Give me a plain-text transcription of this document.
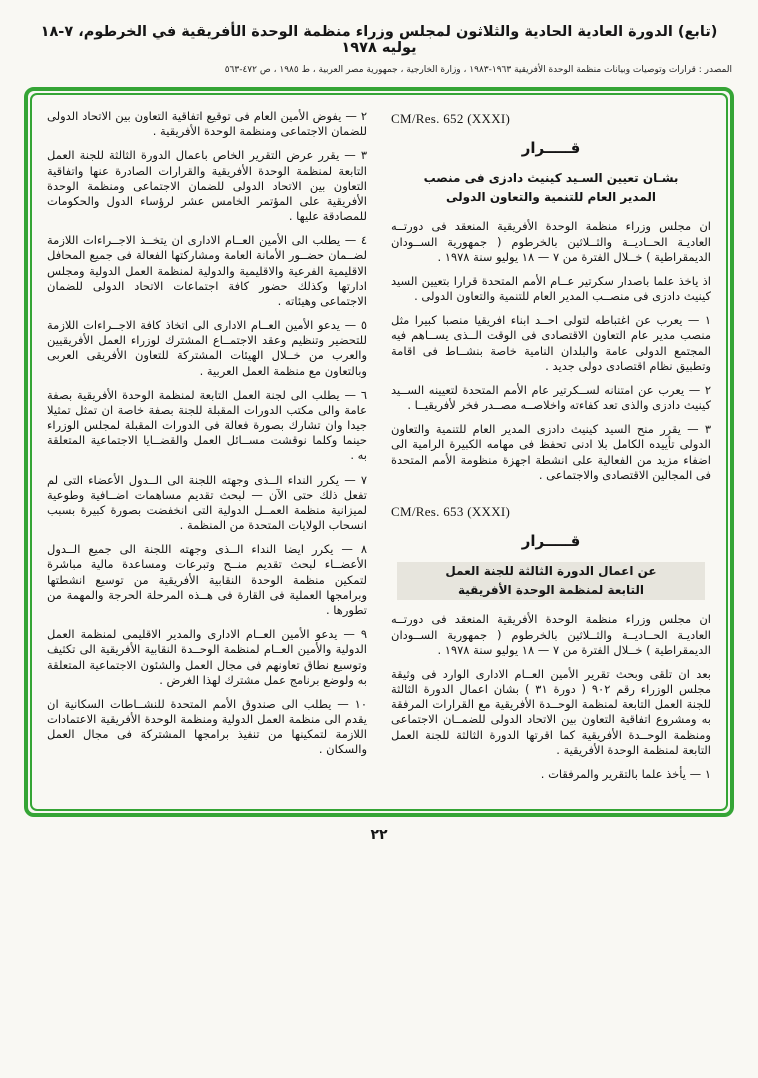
(تابع) الدورة العادية الحادية والثلاثون لمجلس وزراء منظمة الوحدة الأفريقية في الخرطوم، ٧-١٨ يوليه ١٩٧٨
المصدر : قرارات وتوصيات وبيانات منظمة الوحدة الأفريقية ١٩٦٣-١٩٨٣ ، وزارة الخارجية ، جمهورية مصر العربية ، ط ١٩٨٥ ، ص ٤٧٢-٥٦٣
CM/Res. 652 (XXXI)
قـــــرار
بشـان تعيين السـيد كينيث دادزى فى منصب
المدير العام للتنمية والتعاون الدولى

ان مجلس وزراء منظمة الوحدة الأفريقية المنعقد فى دورتــه العاديـة الحــاديــة والثــلاثين بالخرطوم ( جمهورية الســودان الديمقراطية ) خــلال الفترة من ٧ — ١٨ يوليو سنة ١٩٧٨ .

اذ ياخذ علما باصدار سكرتير عــام الأمم المتحدة قرارا بتعيين السيد كينيث دادزى فى منصــب المدير العام للتنمية والتعاون الدولى .

١ — يعرب عن اغتباطه لتولى احــد ابناء افريقيا منصبا كبيرا مثل منصب مدير عام التعاون الاقتصادى فى الوقت الــذى يســاهم فيه المجتمع الدولى عامة والبلدان النامية خاصة بنشــاط فى اقامة وتطبيق نظام اقتصادى دولى جديد .

٢ — يعرب عن امتنانه لســكرتير عام الأمم المتحدة لتعيينه الســيد كينيث دادزى والذى تعد كفاءته واخلاصــه مصــدر فخر لأفريقيــا .

٣ — يقرر منح السيد كينيث دادزى المدير العام للتنمية والتعاون الدولى تأييده الكامل بلا ادنى تحفظ فى مهامه الكبيرة الرامية الى اضفاء مزيد من الفعالية على انشطة اجهزة منظومة الأمم المتحدة فى المجالين الاقتصادى والاجتماعى .

CM/Res. 653 (XXXI)
قـــــرار
عن اعمال الدورة الثالثة للجنة العمل
التابعة لمنظمة الوحدة الأفريقية

ان مجلس وزراء منظمة الوحدة الأفريقية المنعقد فى دورتــه العاديـة الحــاديــة والثــلاثين بالخرطوم ( جمهورية الســودان الديمقراطية ) خــلال الفترة من ٧ — ١٨ يوليو سنة ١٩٧٨ .

بعد ان تلقى وبحث تقرير الأمين العــام الادارى الوارد فى وثيقة مجلس الوزراء رقم ٩٠٢ ( دورة ٣١ ) بشان اعمال الدورة الثالثة للجنة العمل التابعة لمنظمة الوحــدة الأفريقية مع القرارات المرفقة به ومشروع اتفاقية التعاون بين الاتحاد الدولى للضمــان الاجتماعى ومنظمة الوحــدة الأفريقية كما اقرتها الدورة الثالثة للجنة العمل التابعة لمنظمة الوحدة الأفريقية .

١ — يأخذ علما بالتقرير والمرفقات .

٢ — يفوض الأمين العام فى توقيع اتفاقية التعاون بين الاتحاد الدولى للضمان الاجتماعى ومنظمة الوحدة الأفريقية .

٣ — يقرر عرض التقرير الخاص باعمال الدورة الثالثة للجنة العمل التابعة لمنظمة الوحدة الأفريقية والقرارات الصادرة عنها واتفاقية التعاون بين الاتحاد الدولى للضمان الاجتماعى ومنظمة الوحدة الأفريقية على المؤتمر الخامس عشر لرؤساء الدول والحكومات للمصادقة عليها .

٤ — يطلب الى الأمين العــام الادارى ان يتخــذ الاجــراءات اللازمة لضــمان حضــور الأمانة العامة ومشاركتها الفعالة فى جميع المحافل الاقليمية الفرعية والاقليمية والدولية لمنظمة العمل الدولية ومجلس ادارتها وكذلك حضور كافة اجتماعات الاتحاد الدولى للضمان الاجتماعى وهيئاته .

٥ — يدعو الأمين العــام الادارى الى اتخاذ كافة الاجــراءات اللازمة للتحضير وتنظيم وعقد الاجتمــاع المشترك لوزراء العمل الأفريقيين والعرب من خــلال الهيئات المشتركة للتعاون الأفريقى العربى وبالتعاون مع منظمة العمل العربية .

٦ — يطلب الى لجنة العمل التابعة لمنظمة الوحدة الأفريقية بصفة عامة والى مكتب الدورات المقبلة للجنة بصفة خاصة ان تمثل تمثيلا جيدا وان تشارك بصورة فعالة فى الدورات المقبلة لمجلس الوزراء حينما وكلما نوقشت مســائل العمل والقضــايا الاجتماعية المتعلقة به .

٧ — يكرر النداء الــذى وجهته اللجنة الى الــدول الأعضاء التى لم تفعل ذلك حتى الآن — لبحث تقديم مساهمات اضــافية وطوعية لميزانية منظمة العمــل الدولية التى انخفضت بصورة كبيرة بسبب انسحاب الولايات المتحدة من المنظمة .

٨ — يكرر ايضا النداء الــذى وجهته اللجنة الى جميع الــدول الأعضــاء لبحث تقديم منــح وتبرعات ومساعدة مالية مباشرة لتمكين منظمة الوحدة النقابية الأفريقية من توسيع انشطتها وبرامجها العملية فى القارة فى هــذه المرحلة الحرجة والمهمة من تطورها .

٩ — يدعو الأمين العــام الادارى والمدير الاقليمى لمنظمة العمل الدولية والأمين العــام لمنظمة الوحــدة النقابية الأفريقية الى تكثيف وتوسيع نطاق تعاونهم فى مجال العمل والشئون الاجتماعية المتعلقة به ولوضع برنامج عمل مشترك لهذا الغرض .

١٠ — يطلب الى صندوق الأمم المتحدة للنشــاطات السكانية ان يقدم الى منظمة العمل الدولية ومنظمة الوحدة الأفريقية الاعتمادات اللازمة لتمكينها من تنفيذ برامجها المشتركة فى مجال العمل والسكان .

٢٢
